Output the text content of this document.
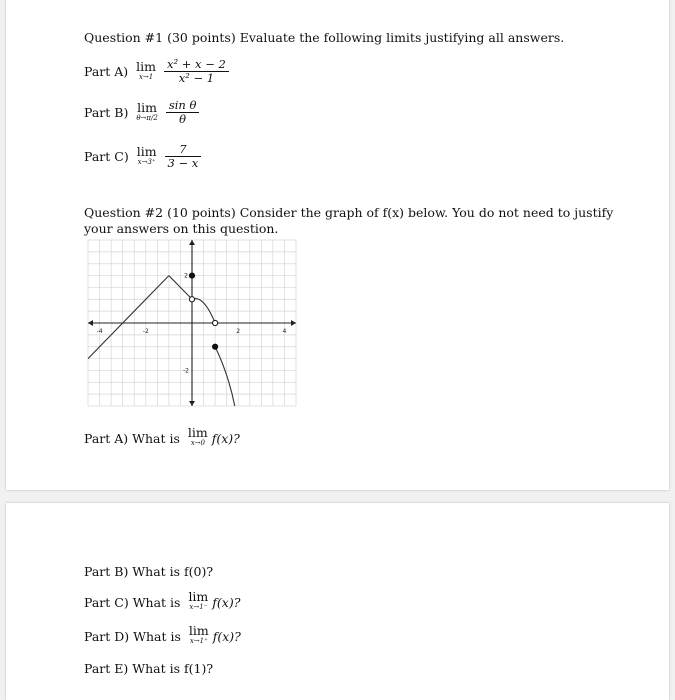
Question #1 (30 points) Evaluate the following limits justifying all answers.
Part A) lim
x→1
$\frac{\text{x² + x − 2}}{\text{x² − 1}}$
Part B) lim
θ→π/2
$\frac{\text{sin θ}}{\theta}$
Part C) lim
x→3⁺
$\frac{7}{3 - x}$
Question #2 (10 points) Consider the graph of f(x) below. You do not need to justify
your answers on this question.
-4	-2	2	4
2
-2
Part A) What is lim
x→0 f(x)?
Part B) What is f(0)?
Part C) What is lim
x→1⁻ f(x)?
Part D) What is lim
x→1⁺ f(x)?
Part E) What is f(1)?
